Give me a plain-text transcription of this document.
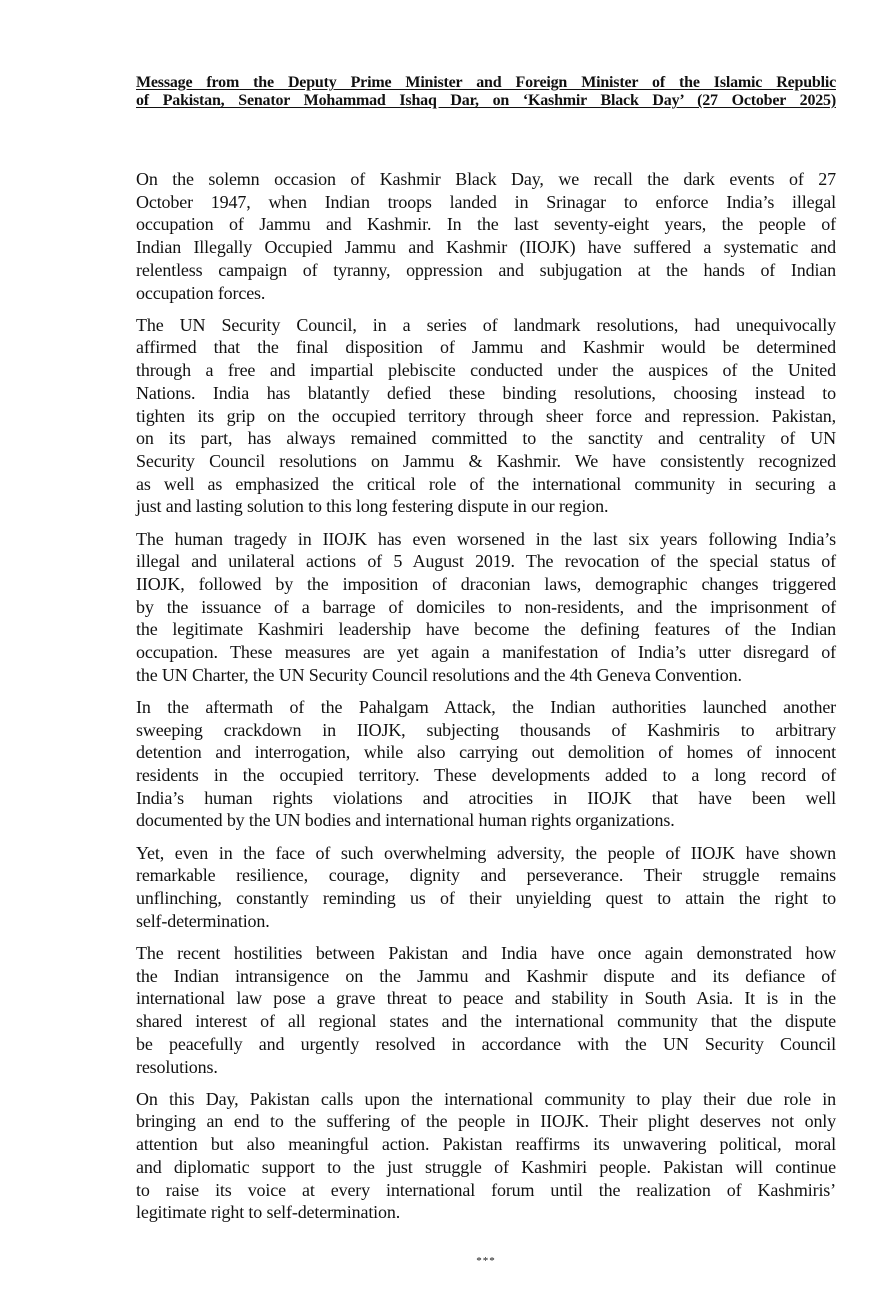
Message from the Deputy Prime Minister and Foreign Minister of the Islamic Republic
of Pakistan, Senator Mohammad Ishaq Dar, on ‘Kashmir Black Day’ (27 October 2025)
On the solemn occasion of Kashmir Black Day, we recall the dark events of 27
October 1947, when Indian troops landed in Srinagar to enforce India’s illegal
occupation of Jammu and Kashmir. In the last seventy-eight years, the people of
Indian Illegally Occupied Jammu and Kashmir (IIOJK) have suffered a systematic and
relentless campaign of tyranny, oppression and subjugation at the hands of Indian
occupation forces.
The UN Security Council, in a series of landmark resolutions, had unequivocally
affirmed that the final disposition of Jammu and Kashmir would be determined
through a free and impartial plebiscite conducted under the auspices of the United
Nations. India has blatantly defied these binding resolutions, choosing instead to
tighten its grip on the occupied territory through sheer force and repression. Pakistan,
on its part, has always remained committed to the sanctity and centrality of UN
Security Council resolutions on Jammu & Kashmir. We have consistently recognized
as well as emphasized the critical role of the international community in securing a
just and lasting solution to this long festering dispute in our region.
The human tragedy in IIOJK has even worsened in the last six years following India’s
illegal and unilateral actions of 5 August 2019. The revocation of the special status of
IIOJK, followed by the imposition of draconian laws, demographic changes triggered
by the issuance of a barrage of domiciles to non-residents, and the imprisonment of
the legitimate Kashmiri leadership have become the defining features of the Indian
occupation. These measures are yet again a manifestation of India’s utter disregard of
the UN Charter, the UN Security Council resolutions and the 4th Geneva Convention.
In the aftermath of the Pahalgam Attack, the Indian authorities launched another
sweeping crackdown in IIOJK, subjecting thousands of Kashmiris to arbitrary
detention and interrogation, while also carrying out demolition of homes of innocent
residents in the occupied territory. These developments added to a long record of
India’s human rights violations and atrocities in IIOJK that have been well
documented by the UN bodies and international human rights organizations.
Yet, even in the face of such overwhelming adversity, the people of IIOJK have shown
remarkable resilience, courage, dignity and perseverance. Their struggle remains
unflinching, constantly reminding us of their unyielding quest to attain the right to
self-determination.
The recent hostilities between Pakistan and India have once again demonstrated how
the Indian intransigence on the Jammu and Kashmir dispute and its defiance of
international law pose a grave threat to peace and stability in South Asia. It is in the
shared interest of all regional states and the international community that the dispute
be peacefully and urgently resolved in accordance with the UN Security Council
resolutions.
On this Day, Pakistan calls upon the international community to play their due role in
bringing an end to the suffering of the people in IIOJK. Their plight deserves not only
attention but also meaningful action. Pakistan reaffirms its unwavering political, moral
and diplomatic support to the just struggle of Kashmiri people. Pakistan will continue
to raise its voice at every international forum until the realization of Kashmiris’
legitimate right to self-determination.
***
